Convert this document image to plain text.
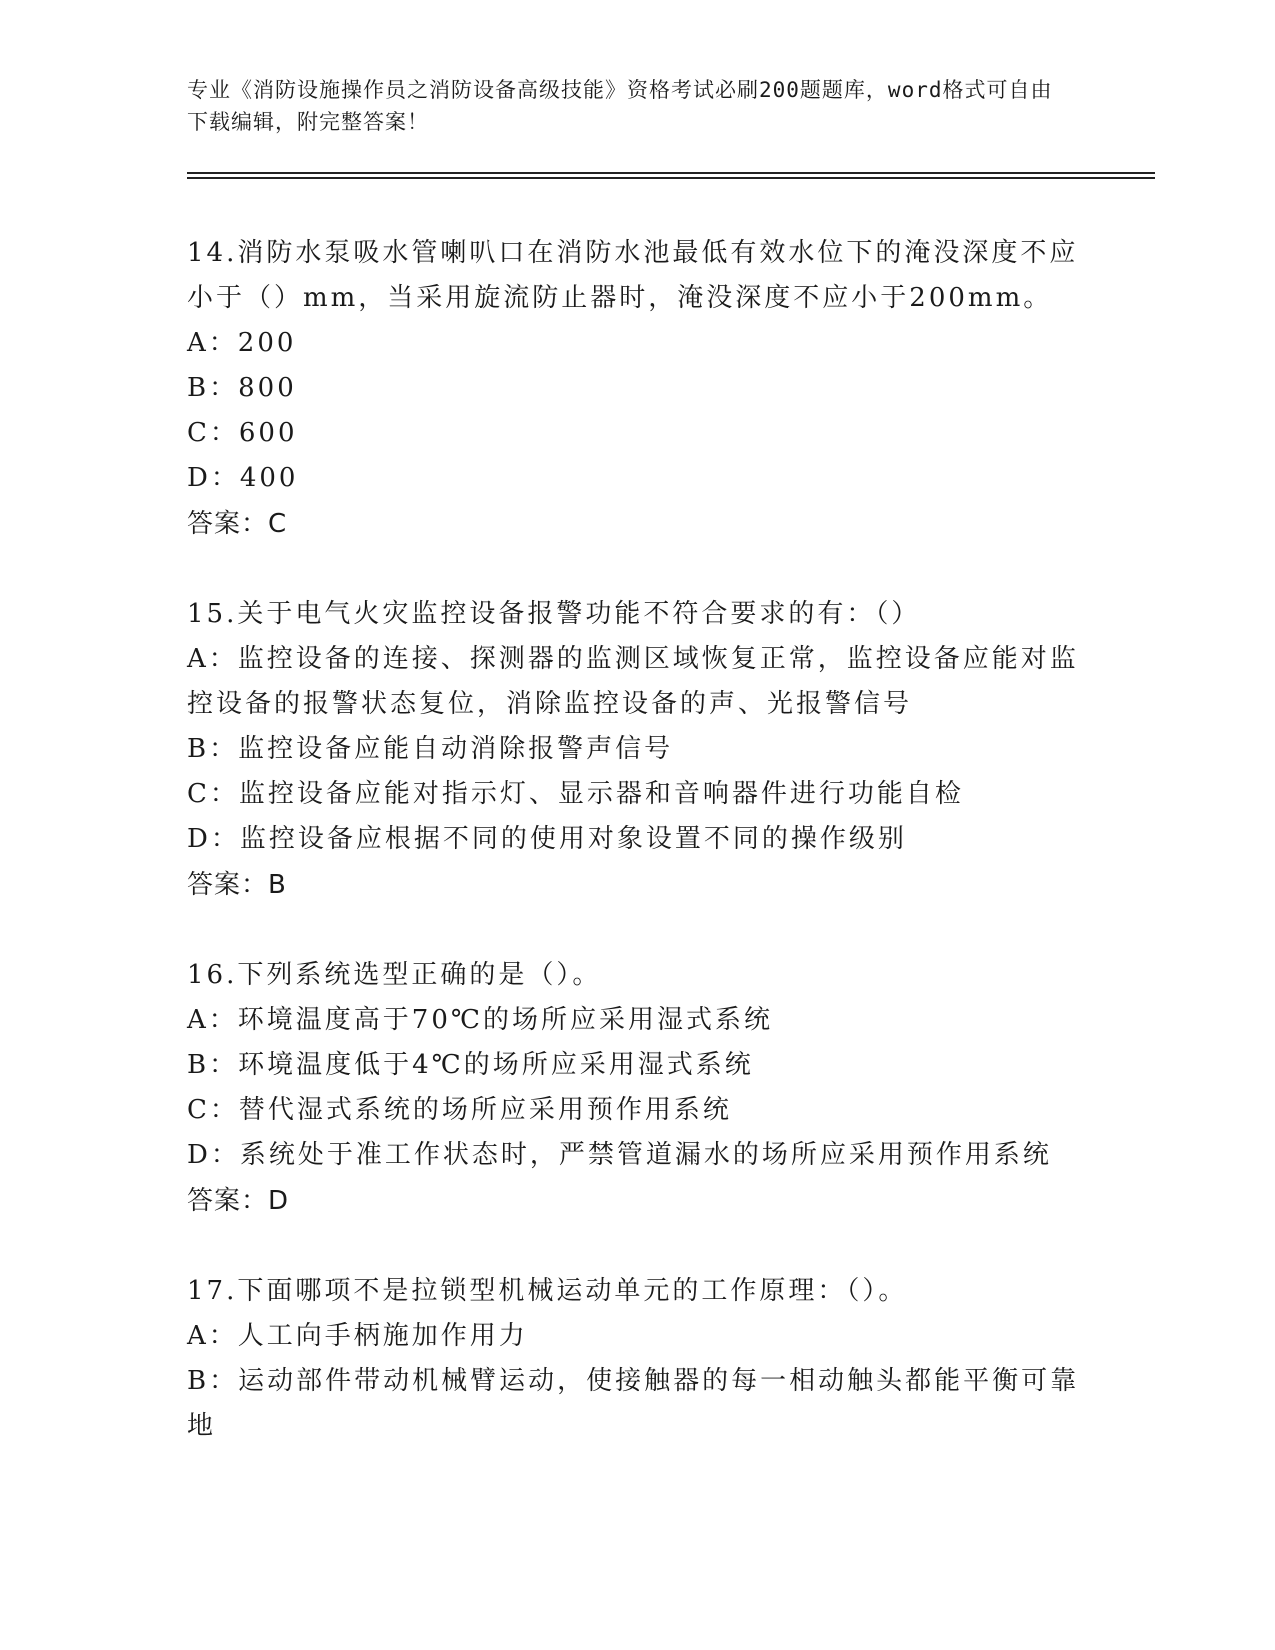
专业《消防设施操作员之消防设备高级技能》资格考试必刷200题题库，word格式可自由下载编辑，附完整答案！

14.消防水泵吸水管喇叭口在消防水池最低有效水位下的淹没深度不应小于（）mm，当采用旋流防止器时，淹没深度不应小于200mm。

A：200

B：800

C：600

D：400

答案：C

15.关于电气火灾监控设备报警功能不符合要求的有：（）

A：监控设备的连接、探测器的监测区域恢复正常，监控设备应能对监控设备的报警状态复位，消除监控设备的声、光报警信号

B：监控设备应能自动消除报警声信号

C：监控设备应能对指示灯、显示器和音响器件进行功能自检

D：监控设备应根据不同的使用对象设置不同的操作级别

答案：B

16.下列系统选型正确的是（）。

A：环境温度高于70℃的场所应采用湿式系统

B：环境温度低于4℃的场所应采用湿式系统

C：替代湿式系统的场所应采用预作用系统

D：系统处于准工作状态时，严禁管道漏水的场所应采用预作用系统

答案：D

17.下面哪项不是拉锁型机械运动单元的工作原理：（）。

A：人工向手柄施加作用力

B：运动部件带动机械臂运动，使接触器的每一相动触头都能平衡可靠地
